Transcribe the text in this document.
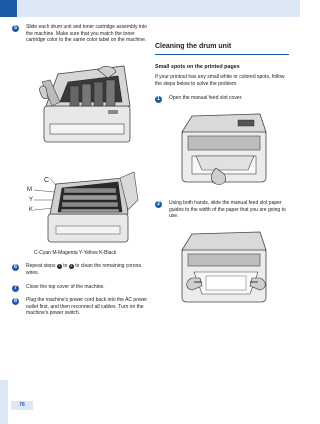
5	Slide each drum unit and toner cartridge assembly into the machine. Make sure that you match the toner cartridge color to the same color label on the machine.
C
M
Y
K
C-Cyan M-Magenta Y-Yellow K-Black
6	Repeat steps 1 to 5 to clean the remaining corona wires.
7	Close the top cover of the machine.
8	Plug the machine's power cord back into the AC power outlet first, and then reconnect all cables. Turn on the machine's power switch.
Cleaning the drum unit
Small spots on the printed pages
If your printout has any small white or colored spots, follow the steps below to solve the problem.
1	Open the manual feed slot cover.
2	Using both hands, slide the manual feed slot paper guides to the width of the paper that you are going to use.
76
